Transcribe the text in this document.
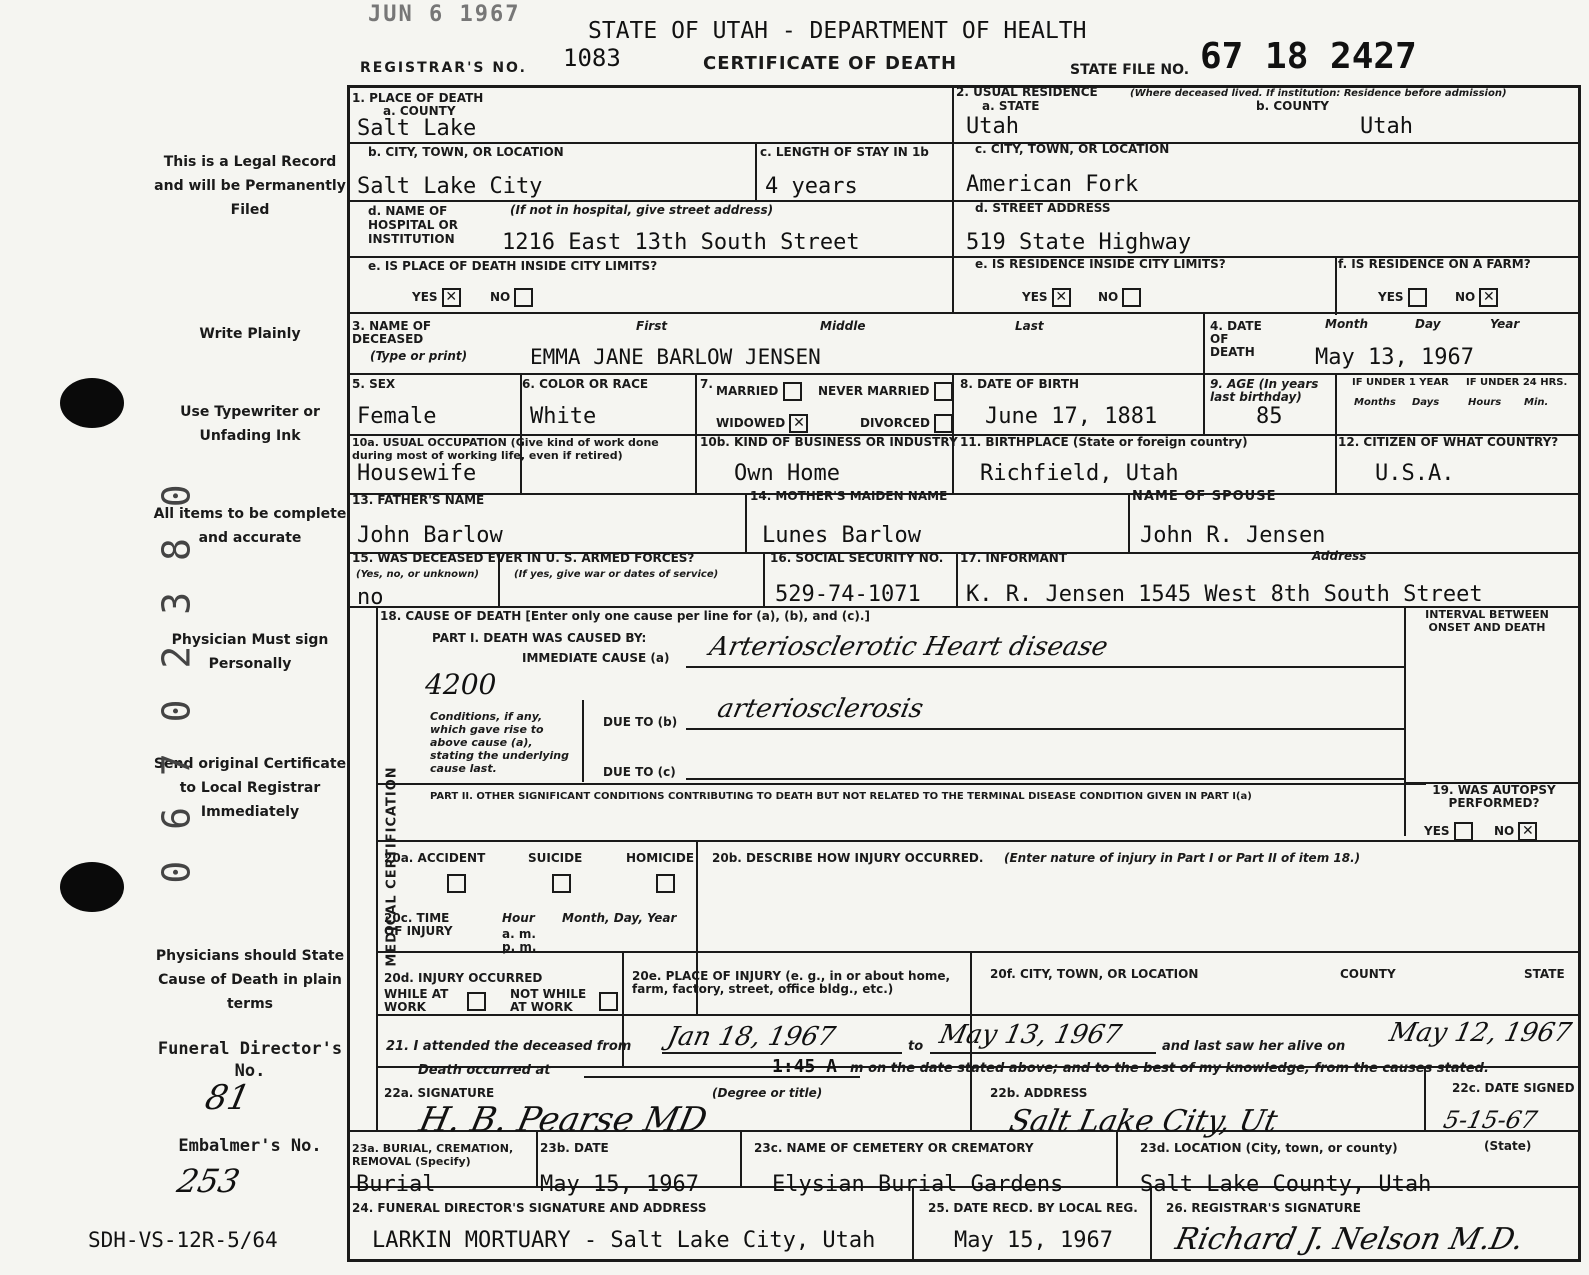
JUN 6 1967
STATE OF UTAH - DEPARTMENT OF HEALTH
REGISTRAR'S NO. 1083	CERTIFICATE OF DEATH	STATE FILE NO. 67 18 2427
This is a Legal Record and will be Permanently Filed
Write Plainly
Use Typewriter or Unfading Ink
All items to be complete and accurate
Physician Must sign Personally
Send original Certificate to Local Registrar Immediately
Physicians should State Cause of Death in plain terms
Funeral Director's No.
81
Embalmer's No.
253
SDH-VS-12R-5/64
0 6 7 0 2 3 8 0
1. PLACE OF DEATH
a. COUNTY
Salt Lake
2. USUAL RESIDENCE	(Where deceased lived. If institution: Residence before admission)
a. STATE
Utah
b. COUNTY
Utah
b. CITY, TOWN, OR LOCATION
Salt Lake City
c. LENGTH OF STAY IN 1b
4 years
c. CITY, TOWN, OR LOCATION
American Fork
d. NAME OF HOSPITAL OR INSTITUTION
(If not in hospital, give street address)
1216 East 13th South Street
d. STREET ADDRESS
519 State Highway
e. IS PLACE OF DEATH INSIDE CITY LIMITS?
YES ✕	NO
e. IS RESIDENCE INSIDE CITY LIMITS?
YES ✕	NO
f. IS RESIDENCE ON A FARM?
YES	NO ✕
3. NAME OF DECEASED
(Type or print)
First	Middle	Last
EMMA JANE BARLOW JENSEN
4. DATE OF DEATH
Month	Day	Year
May 13, 1967
5. SEX
Female
6. COLOR OR RACE
White
7. MARRIED	NEVER MARRIED
WIDOWED ✕	DIVORCED
8. DATE OF BIRTH
June 17, 1881
9. AGE (In years last birthday)
85
IF UNDER 1 YEAR IF UNDER 24 HRS.
Months Days	Hours Min.
10a. USUAL OCCUPATION (Give kind of work done during most of working life, even if retired)
Housewife
10b. KIND OF BUSINESS OR INDUSTRY
Own Home
11. BIRTHPLACE (State or foreign country)
Richfield, Utah
12. CITIZEN OF WHAT COUNTRY?
U.S.A.
13. FATHER'S NAME
John Barlow
14. MOTHER'S MAIDEN NAME
Lunes Barlow
NAME OF SPOUSE
John R. Jensen
15. WAS DECEASED EVER IN U. S. ARMED FORCES?
(Yes, no, or unknown)	(If yes, give war or dates of service)
no
16. SOCIAL SECURITY NO.
529-74-1071
17. INFORMANT	Address
K. R. Jensen 1545 West 8th South Street
MEDICAL CERTIFICATION
18. CAUSE OF DEATH [Enter only one cause per line for (a), (b), and (c).]	INTERVAL BETWEEN ONSET AND DEATH
PART I. DEATH WAS CAUSED BY:
IMMEDIATE CAUSE (a) Arteriosclerotic Heart disease
4200
Conditions, if any, which gave rise to above cause (a), stating the underlying cause last.
DUE TO (b) arteriosclerosis
DUE TO (c)
PART II. OTHER SIGNIFICANT CONDITIONS CONTRIBUTING TO DEATH BUT NOT RELATED TO THE TERMINAL DISEASE CONDITION GIVEN IN PART I(a)	19. WAS AUTOPSY PERFORMED?
YES	NO ✕
20a. ACCIDENT	SUICIDE	HOMICIDE 20b. DESCRIBE HOW INJURY OCCURRED. (Enter nature of injury in Part I or Part II of item 18.)
20c. TIME OF INJURY
Hour
a. m. p. m.
Month, Day, Year
20d. INJURY OCCURRED
WHILE AT WORK
NOT WHILE AT WORK
20e. PLACE OF INJURY (e. g., in or about home, farm, factory, street, office bldg., etc.)
20f. CITY, TOWN, OR LOCATION	COUNTY	STATE
21. I attended the deceased from Jan 18, 1967	to May 13, 1967	and last saw her alive on May 12, 1967
Death occurred at	1:45 A m on the date stated above; and to the best of my knowledge, from the causes stated.
22a. SIGNATURE	(Degree or title)
H. B. Pearse MD
22b. ADDRESS
Salt Lake City, Ut
22c. DATE SIGNED
5-15-67
23a. BURIAL, CREMATION, REMOVAL (Specify)
Burial
23b. DATE
May 15, 1967
23c. NAME OF CEMETERY OR CREMATORY
Elysian Burial Gardens
23d. LOCATION (City, town, or county)	(State)
Salt Lake County, Utah
24. FUNERAL DIRECTOR'S SIGNATURE AND ADDRESS
LARKIN MORTUARY - Salt Lake City, Utah
25. DATE RECD. BY LOCAL REG.
May 15, 1967
26. REGISTRAR'S SIGNATURE
Richard J. Nelson M.D.
